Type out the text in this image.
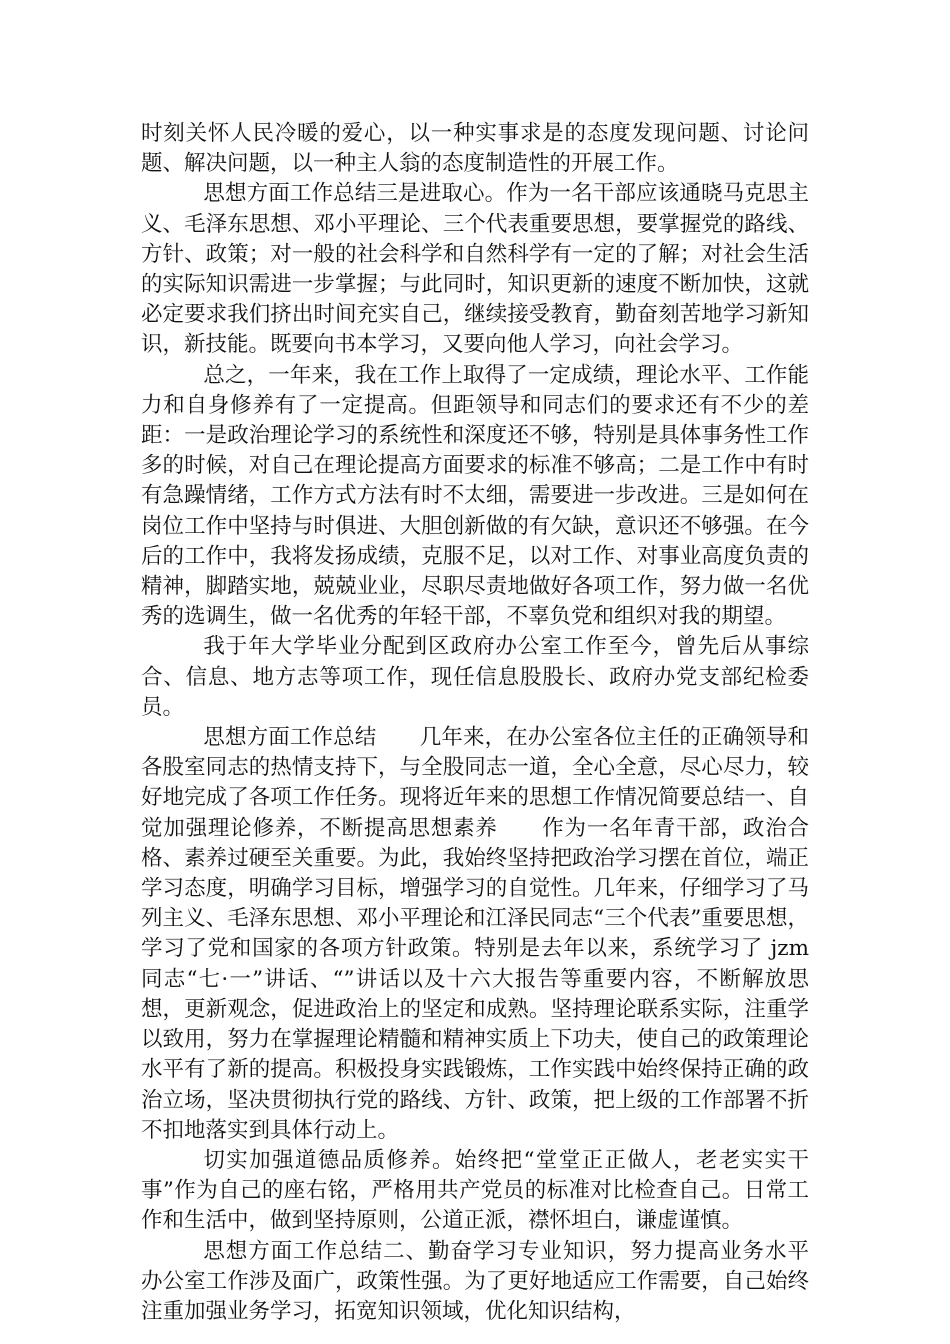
时刻关怀人民冷暖的爱心，以一种实事求是的态度发现问题、讨论问题、解决问题，以一种主人翁的态度制造性的开展工作。

思想方面工作总结三是进取心。作为一名干部应该通晓马克思主义、毛泽东思想、邓小平理论、三个代表重要思想，要掌握党的路线、方针、政策；对一般的社会科学和自然科学有一定的了解；对社会生活的实际知识需进一步掌握；与此同时，知识更新的速度不断加快，这就必定要求我们挤出时间充实自己，继续接受教育，勤奋刻苦地学习新知识，新技能。既要向书本学习，又要向他人学习，向社会学习。

总之，一年来，我在工作上取得了一定成绩，理论水平、工作能力和自身修养有了一定提高。但距领导和同志们的要求还有不少的差距：一是政治理论学习的系统性和深度还不够，特别是具体事务性工作多的时候，对自己在理论提高方面要求的标准不够高；二是工作中有时有急躁情绪，工作方式方法有时不太细，需要进一步改进。三是如何在岗位工作中坚持与时俱进、大胆创新做的有欠缺，意识还不够强。在今后的工作中，我将发扬成绩，克服不足，以对工作、对事业高度负责的精神，脚踏实地，兢兢业业，尽职尽责地做好各项工作，努力做一名优秀的选调生，做一名优秀的年轻干部，不辜负党和组织对我的期望。

我于年大学毕业分配到区政府办公室工作至今，曾先后从事综合、信息、地方志等项工作，现任信息股股长、政府办党支部纪检委员。

思想方面工作总结　　几年来，在办公室各位主任的正确领导和各股室同志的热情支持下，与全股同志一道，全心全意，尽心尽力，较好地完成了各项工作任务。现将近年来的思想工作情况简要总结一、自觉加强理论修养，不断提高思想素养　　作为一名年青干部，政治合格、素养过硬至关重要。为此，我始终坚持把政治学习摆在首位，端正学习态度，明确学习目标，增强学习的自觉性。几年来，仔细学习了马列主义、毛泽东思想、邓小平理论和江泽民同志“三个代表”重要思想，学习了党和国家的各项方针政策。特别是去年以来，系统学习了 jzm 同志“七·一”讲话、“”讲话以及十六大报告等重要内容，不断解放思想，更新观念，促进政治上的坚定和成熟。坚持理论联系实际，注重学以致用，努力在掌握理论精髓和精神实质上下功夫，使自己的政策理论水平有了新的提高。积极投身实践锻炼，工作实践中始终保持正确的政治立场，坚决贯彻执行党的路线、方针、政策，把上级的工作部署不折不扣地落实到具体行动上。

切实加强道德品质修养。始终把“堂堂正正做人，老老实实干事”作为自己的座右铭，严格用共产党员的标准对比检查自己。日常工作和生活中，做到坚持原则，公道正派，襟怀坦白，谦虚谨慎。

思想方面工作总结二、勤奋学习专业知识，努力提高业务水平　　办公室工作涉及面广，政策性强。为了更好地适应工作需要，自己始终注重加强业务学习，拓宽知识领域，优化知识结构，
